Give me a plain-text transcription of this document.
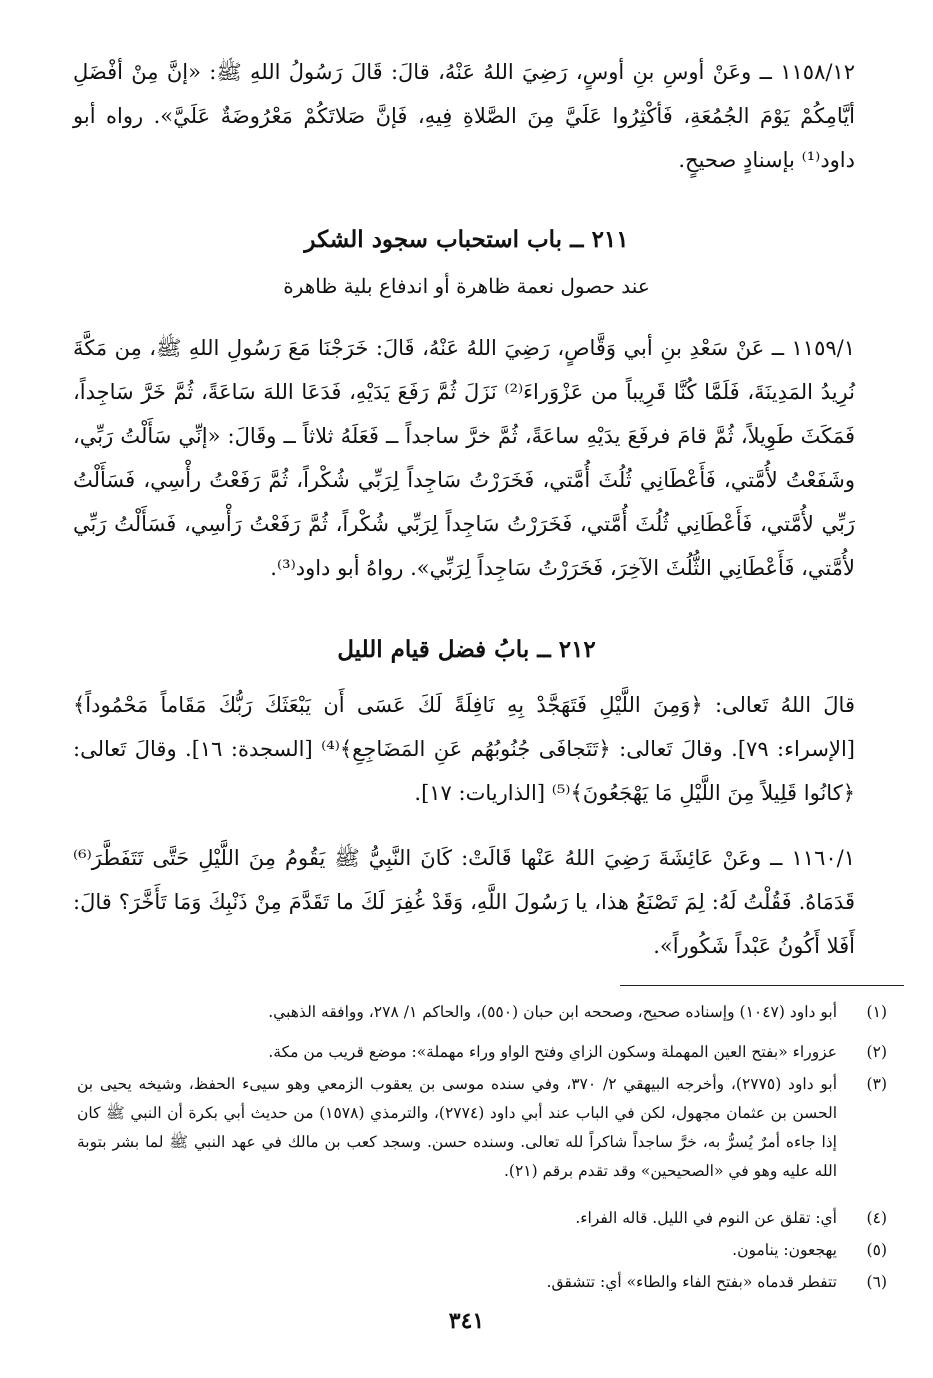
١١٥٨/١٢ ــ وعَنْ أوسِ بنِ أوسٍ، رَضِيَ اللهُ عَنْهُ، قالَ: قَالَ رَسُولُ اللهِ ﷺ: «إنَّ مِنْ أفْضَلِ أيَّامِكُمْ يَوْمَ الجُمُعَةِ، فَأكْثِرُوا عَلَيَّ مِنَ الصَّلاةِ فِيهِ، فَإنَّ صَلاتَكُمْ مَعْرُوضَةٌ عَلَيَّ». رواه أبو داود⁽¹⁾ بإسنادٍ صحيحٍ.

٢١١ ــ باب استحباب سجود الشكر
عند حصول نعمة ظاهرة أو اندفاع بلية ظاهرة

١١٥٩/١ ــ عَنْ سَعْدِ بنِ أبي وَقَّاصٍ، رَضِيَ اللهُ عَنْهُ، قَالَ: خَرَجْنَا مَعَ رَسُولِ اللهِ ﷺ، مِن مَكَّةَ نُرِيدُ المَدِينَةَ، فَلَمَّا كُنَّا قَرِيباً من عَزْوَراءَ⁽²⁾ نَزَلَ ثُمَّ رَفَعَ يَدَيْهِ، فَدَعَا اللهَ سَاعَةً، ثُمَّ خَرَّ سَاجِداً، فَمَكَثَ طَوِيلاً، ثُمَّ قامَ فرفَعَ يدَيْهِ ساعَةً، ثُمَّ خرَّ ساجداً ــ فَعَلَهُ ثلاثاً ــ وقَالَ: «إنِّي سَأَلْتُ رَبِّي، وشَفَعْتُ لأُمَّتي، فَأَعْطَانِي ثُلُثَ أُمَّتي، فَخَرَرْتُ سَاجِداً لِرَبِّي شُكْراً، ثُمَّ رَفَعْتُ رأْسِي، فَسَأَلْتُ رَبِّي لأُمَّتي، فَأَعْطَانِي ثُلُثَ أُمَّتي، فَخَرَرْتُ سَاجِداً لِرَبِّي شُكْراً، ثُمَّ رَفَعْتُ رَأْسِي، فَسَأَلْتُ رَبِّي لأُمَّتي، فَأَعْطَانِي الثُّلُثَ الآخِرَ، فَخَرَرْتُ سَاجِداً لِرَبِّي». رواهُ أبو داود⁽³⁾.

٢١٢ ــ بابُ فضل قيام الليل

قالَ اللهُ تَعالى: ﴿وَمِنَ اللَّيْلِ فَتَهَجَّدْ بِهِ نَافِلَةً لَكَ عَسَى أَن يَبْعَثَكَ رَبُّكَ مَقَاماً مَحْمُوداً﴾ [الإسراء: ٧٩]. وقالَ تَعالى: ﴿تَتَجافَى جُنُوبُهُم عَنِ المَضَاجِعِ﴾⁽⁴⁾ [السجدة: ١٦]. وقالَ تَعالى: ﴿كانُوا قَلِيلاً مِنَ اللَّيْلِ مَا يَهْجَعُونَ﴾⁽⁵⁾ [الذاريات: ١٧].

١١٦٠/١ ــ وعَنْ عَائِشَةَ رَضِيَ اللهُ عَنْها قَالَتْ: كَانَ النَّبِيُّ ﷺ يَقُومُ مِنَ اللَّيْلِ حَتَّى تَتَفَطَّرَ⁽⁶⁾ قَدَمَاهُ. فَقُلْتُ لَهُ: لِمَ تَصْنَعُ هذا، يا رَسُولَ اللَّهِ، وَقَدْ غُفِرَ لَكَ ما تَقَدَّمَ مِنْ ذَنْبِكَ وَمَا تَأَخَّرَ؟ قالَ: أَفَلا أَكُونُ عَبْداً شَكُوراً».

(١)
أبو داود (١٠٤٧) وإسناده صحيح، وصححه ابن حبان (٥٥٠)، والحاكم ١/ ٢٧٨، ووافقه الذهبي.
(٢)
عزوراء «بفتح العين المهملة وسكون الزاي وفتح الواو وراء مهملة»: موضع قريب من مكة.
(٣)
أبو داود (٢٧٧٥)، وأخرجه البيهقي ٢/ ٣٧٠، وفي سنده موسى بن يعقوب الزمعي وهو سيىء الحفظ، وشيخه يحيى بن الحسن بن عثمان مجهول، لكن في الباب عند أبي داود (٢٧٧٤)، والترمذي (١٥٧٨) من حديث أبي بكرة أن النبي ﷺ كان إذا جاءه أمرٌ يُسرُّ به، خرَّ ساجداً شاكراً لله تعالى. وسنده حسن. وسجد كعب بن مالك في عهد النبي ﷺ لما بشر بتوبة الله عليه وهو في «الصحيحين» وقد تقدم برقم (٢١).
(٤)
أي: تقلق عن النوم في الليل. قاله الفراء.
(٥)
يهجعون: ينامون.
(٦)
تتفطر قدماه «بفتح الفاء والطاء» أي: تتشقق.
٣٤١
